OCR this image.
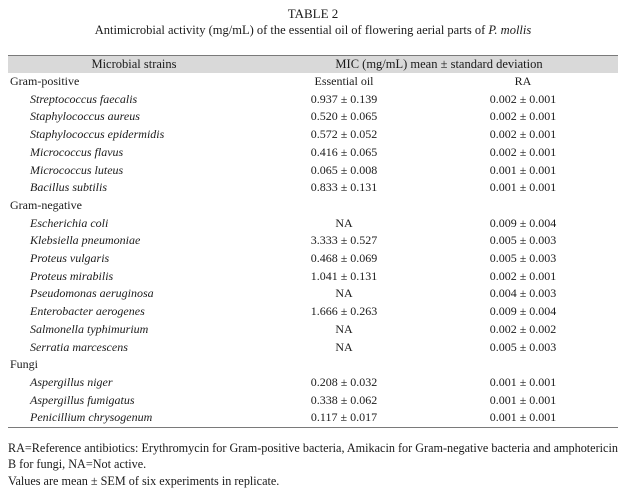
TABLE 2
Antimicrobial activity (mg/mL) of the essential oil of flowering aerial parts of P. mollis
Microbial strains	MIC (mg/mL) mean ± standard deviation	
Gram-positive	Essential oil	RA
Streptococcus faecalis	0.937 ± 0.139	0.002 ± 0.001
Staphylococcus aureus	0.520 ± 0.065	0.002 ± 0.001
Staphylococcus epidermidis	0.572 ± 0.052	0.002 ± 0.001
Micrococcus flavus	0.416 ± 0.065	0.002 ± 0.001
Micrococcus luteus	0.065 ± 0.008	0.001 ± 0.001
Bacillus subtilis	0.833 ± 0.131	0.001 ± 0.001
Gram-negative		
Escherichia coli	NA	0.009 ± 0.004
Klebsiella pneumoniae	3.333 ± 0.527	0.005 ± 0.003
Proteus vulgaris	0.468 ± 0.069	0.005 ± 0.003
Proteus mirabilis	1.041 ± 0.131	0.002 ± 0.001
Pseudomonas aeruginosa	NA	0.004 ± 0.003
Enterobacter aerogenes	1.666 ± 0.263	0.009 ± 0.004
Salmonella typhimurium	NA	0.002 ± 0.002
Serratia marcescens	NA	0.005 ± 0.003
Fungi		
Aspergillus niger	0.208 ± 0.032	0.001 ± 0.001
Aspergillus fumigatus	0.338 ± 0.062	0.001 ± 0.001
Penicillium chrysogenum	0.117 ± 0.017	0.001 ± 0.001

RA=Reference antibiotics: Erythromycin for Gram-positive bacteria, Amikacin for Gram-negative bacteria and amphotericin B for fungi, NA=Not active.
Values are mean ± SEM of six experiments in replicate.
